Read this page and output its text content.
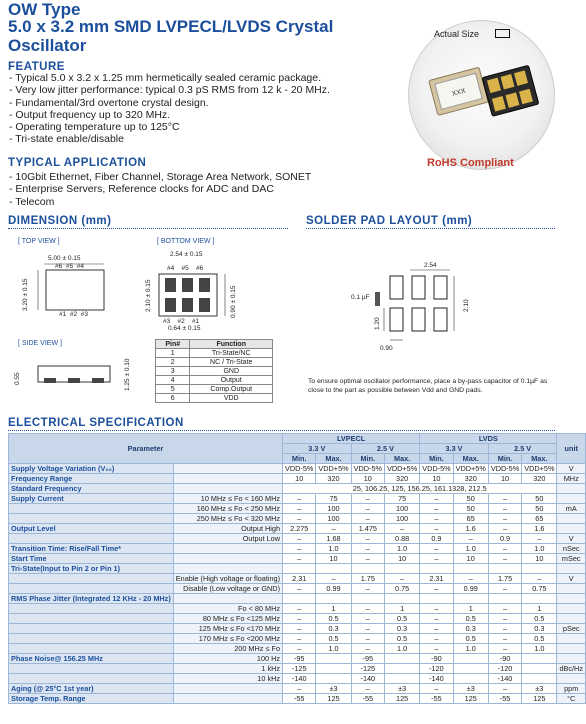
OW Type
5.0 x 3.2 mm SMD LVPECL/LVDS Crystal Oscillator
Actual Size
XXX
RoHS Compliant
FEATURE
- Typical 5.0 x 3.2 x 1.25 mm hermetically sealed ceramic package.
- Very low jitter performance: typical 0.3 pS RMS from 12 k - 20 MHz.
- Fundamental/3rd overtone crystal design.
- Output frequency up to 320 MHz.
- Operating temperature up to 125°C
- Tri-state enable/disable
TYPICAL APPLICATION
- 10Gbit Ethernet, Fiber Channel, Storage Area Network, SONET
- Enterprise Servers, Reference clocks for ADC and DAC
- Telecom
DIMENSION (mm)
[ TOP VIEW ]
5.00 ± 0.15
#6 #5 #4
#1 #2 #3
3.20 ± 0.15
[ BOTTOM VIEW ]
2.54 ± 0.15
#4 #5 #6
#3 #2 #1
0.64 ± 0.15
2.10 ± 0.15	0.90 ± 0.15
[ SIDE VIEW ]
0.55	1.25 ± 0.10
Pin#	Function
1	Tri-State/NC
2	NC / Tri-State
3	GND
4	Output
5	Comp.Output
6	VDD
SOLDER PAD LAYOUT (mm)
2.54
0.1 µF
2.10
1.20
0.90
To ensure optimal oscillator performance, place a by-pass capacitor of 0.1µF as close to the part as possible between Vdd and GND pads.
ELECTRICAL SPECIFICATION
Parameter		LVPECL				LVDS				unit
		3.3 V		2.5 V		3.3 V		2.5 V		
		Min.	Max.	Min.	Max.	Min.	Max.	Min.	Max.	
Supply Voltage Variation (V₀₀)		VDD-5%	VDD+5%	VDD-5%	VDD+5%	VDD-5%	VDD+5%	VDD-5%	VDD+5%	V
Frequency Range		10	320	10	320	10	320	10	320	MHz
Standard Frequency		25, 106.25, 125, 156.25, 161.1328, 212.5								
Supply Current	10 MHz ≤ Fo < 160 MHz	–	75	–	75	–	50	–	50	
	160 MHz ≤ Fo < 250 MHz	–	100	–	100	–	50	–	50	mA
	250 MHz ≤ Fo < 320 MHz	–	100	–	100	–	65	–	65	
Output Level	Output High	2.275	–	1.475	–	–	1.6	–	1.6	
	Output Low	–	1.68	–	0.88	0.9	–	0.9	–	V
Transition Time: Rise/Fall Time*		–	1.0	–	1.0	–	1.0	–	1.0	nSec
Start Time		–	10	–	10	–	10	–	10	mSec
Tri-State(Input to Pin 2 or Pin 1)										
	Enable (High voltage or floating)	2.31	–	1.75	–	2.31	–	1.75	–	V
	Disable (Low voltage or GND)	–	0.99	–	0.75	–	0.99	–	0.75	
RMS Phase Jitter (Integrated 12 KHz - 20 MHz)										
	Fo < 80 MHz	–	1	–	1	–	1	–	1	
	80 MHz ≤ Fo <125 MHz	–	0.5	–	0.5	–	0.5	–	0.5	
	125 MHz ≤ Fo <170 MHz	–	0.3	–	0.3	–	0.3	–	0.3	pSec
	170 MHz ≤ Fo <200 MHz	–	0.5	–	0.5	–	0.5	–	0.5	
	200 MHz ≤ Fo	–	1.0	–	1.0	–	1.0	–	1.0	
Phase Noise@ 156.25 MHz	100 Hz	-95		-95		-90		-90		
	1 kHz	-125		-125		-120		-120		dBc/Hz
	10 kHz	-140		-140		-140		-140		
Aging (@ 25°C 1st year)		–	±3	–	±3	–	±3	–	±3	ppm
Storage Temp. Range		-55	125	-55	125	-55	125	-55	125	°C
